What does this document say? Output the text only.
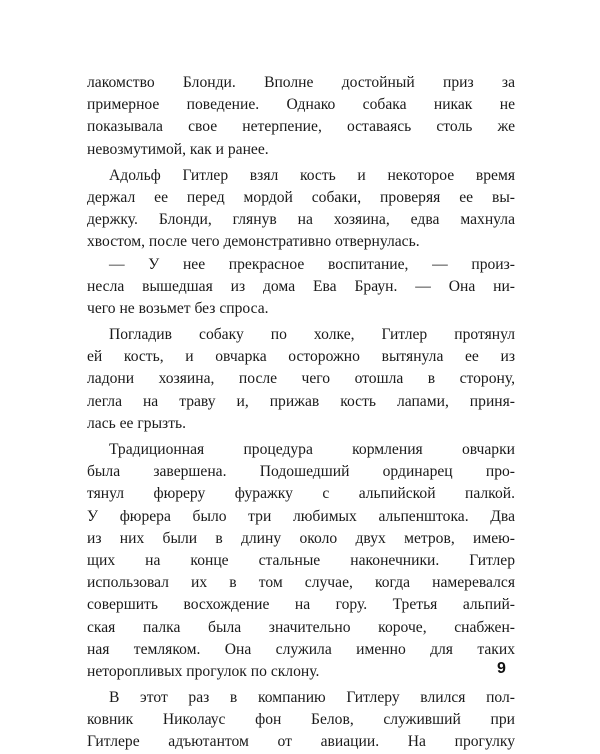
лакомство Блонди. Вполне достойный приз за
примерное поведение. Однако собака никак не
показывала свое нетерпение, оставаясь столь же
невозмутимой, как и ранее.
Адольф Гитлер взял кость и некоторое время
держал ее перед мордой собаки, проверяя ее вы-
держку. Блонди, глянув на хозяина, едва махнула
хвостом, после чего демонстративно отвернулась.
— У нее прекрасное воспитание, — произ-
несла вышедшая из дома Ева Браун. — Она ни-
чего не возьмет без спроса.
Погладив собаку по холке, Гитлер протянул
ей кость, и овчарка осторожно вытянула ее из
ладони хозяина, после чего отошла в сторону,
легла на траву и, прижав кость лапами, приня-
лась ее грызть.
Традиционная процедура кормления овчарки
была завершена. Подошедший ординарец про-
тянул фюреру фуражку с альпийской палкой.
У фюрера было три любимых альпенштока. Два
из них были в длину около двух метров, имею-
щих на конце стальные наконечники. Гитлер
использовал их в том случае, когда намеревался
совершить восхождение на гору. Третья альпий-
ская палка была значительно короче, снабжен-
ная темляком. Она служила именно для таких
неторопливых прогулок по склону.
В этот раз в компанию Гитлеру влился пол-
ковник Николаус фон Белов, служивший при
Гитлере адъютантом от авиации. На прогулку
9
